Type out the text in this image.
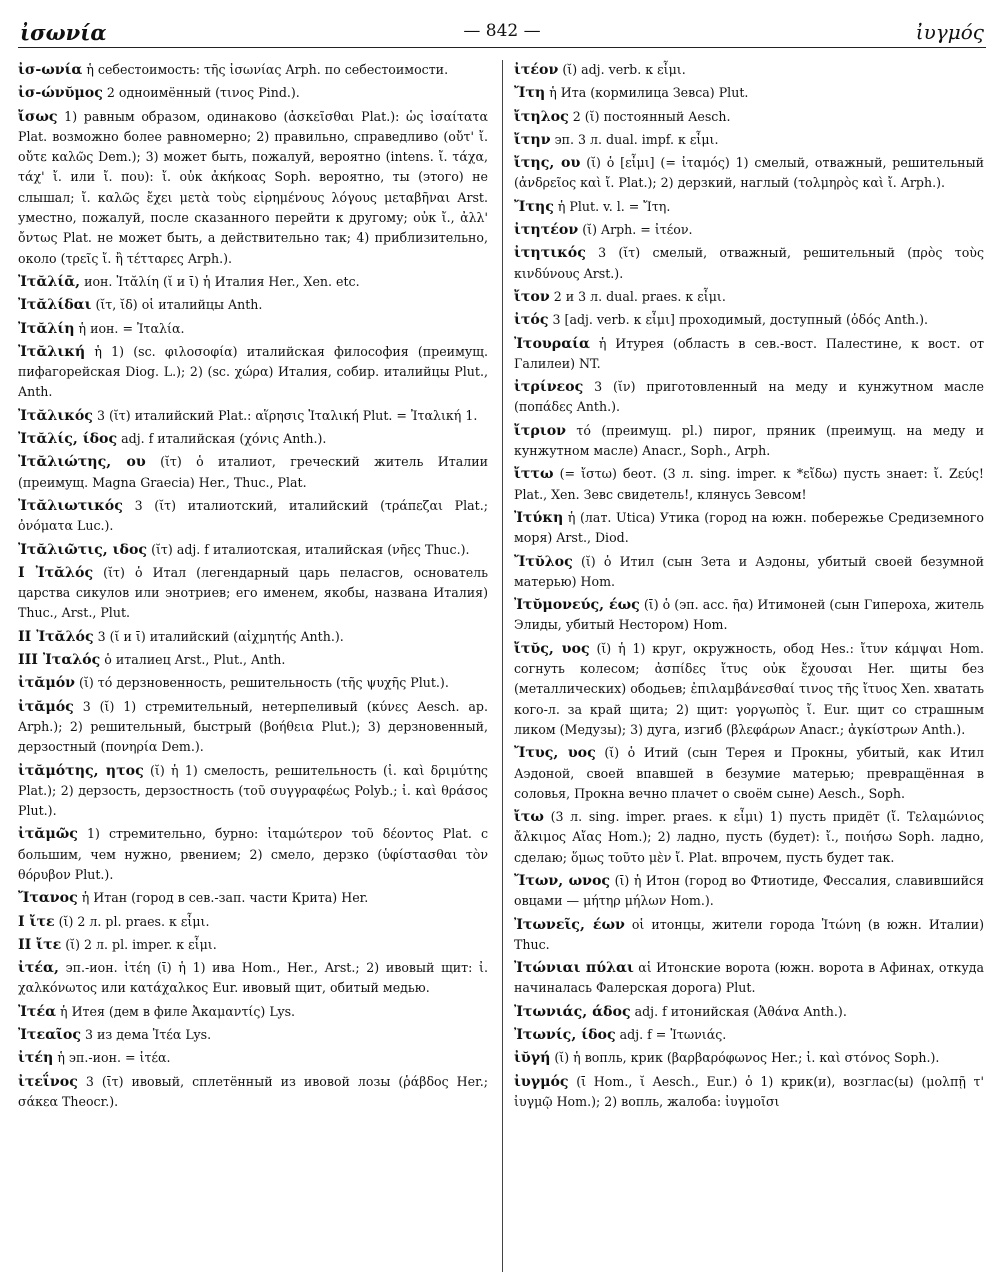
ἰσωνία	— 842 —	ἰυγμός

ἰσ-ωνία ἡ себестоимость: τῆς ἰσωνίας Arph. по себестоимости.

ἰσ-ώνῠμος 2 одноимённый (τινος Pind.).

ἴσως 1) равным образом, одинаково (ἀσκεῖσθαι Plat.): ὡς ἰσαίτατα Plat. возможно более равномерно; 2) правильно, справедливо (οὔτ' ἴ. οὔτε καλῶς Dem.); 3) может быть, пожалуй, вероятно (intens. ἴ. τάχα, τάχ' ἴ. или ἴ. που): ἴ. οὐκ ἀκήκοας Soph. вероятно, ты (этого) не слышал; ἴ. καλῶς ἔχει μετὰ τοὺς εἰρημένους λόγους μεταβῆναι Arst. уместно, пожалуй, после сказанного перейти к другому; οὐκ ἴ., ἀλλ' ὄντως Plat. не может быть, а действительно так; 4) приблизительно, около (τρεῖς ἴ. ἢ τέτταρες Arph.).

Ἰτᾰλίᾱ, ион. Ἰτᾰλίη (ῐ и ῑ) ἡ Италия Her., Xen. etc.

Ἰτᾰλίδαι (ῐτ, ῐδ) οἱ италийцы Anth.

Ἰτᾰλίη ἡ ион. = Ἰταλία.

Ἰτᾰλική ἡ 1) (sc. φιλοσοφία) италийская философия (преимущ. пифагорейская Diog. L.); 2) (sc. χώρα) Италия, собир. италийцы Plut., Anth.

Ἰτᾰλικός 3 (ῐτ) италийский Plat.: αἵρησις Ἰταλική Plut. = Ἰταλική 1.

Ἰτᾰλίς, ίδος adj. f италийская (χόνις Anth.).

Ἰτᾰλιώτης, ου (ῐτ) ὁ италиот, греческий житель Италии (преимущ. Magna Graecia) Her., Thuc., Plat.

Ἰτᾰλιωτικός 3 (ῐτ) италиотский, италийский (τράπεζαι Plat.; ὀνόματα Luc.).

Ἰτᾰλιῶτις, ιδος (ῐτ) adj. f италиотская, италийская (νῆες Thuc.).

I Ἰτᾰλός (ῐτ) ὁ Итал (легендарный царь пеласгов, основатель царства сикулов или энотриев; его именем, якобы, названа Италия) Thuc., Arst., Plut.

II Ἰτᾰλός 3 (ῐ и ῑ) италийский (αἰχμητής Anth.).

III Ἰταλός ὁ италиец Arst., Plut., Anth.

ἰτᾰμόν (ῐ) τό дерзновенность, решительность (τῆς ψυχῆς Plut.).

ἰτᾰμός 3 (ῐ) 1) стремительный, нетерпеливый (κύνες Aesch. ap. Arph.); 2) решительный, быстрый (βοήθεια Plut.); 3) дерзновенный, дерзостный (πονηρία Dem.).

ἰτᾰμότης, ητος (ῐ) ἡ 1) смелость, решительность (ἰ. καὶ δριμύτης Plat.); 2) дерзость, дерзостность (τοῦ συγγραφέως Polyb.; ἰ. καὶ θράσος Plut.).

ἰτᾰμῶς 1) стремительно, бурно: ἰταμώτερον τοῦ δέοντος Plat. с большим, чем нужно, рвением; 2) смело, дерзко (ὑφίστασθαι τὸν θόρυβον Plut.).

Ἴτανος ἡ Итан (город в сев.-зап. части Крита) Her.

I ἴτε (ῐ) 2 л. pl. praes. к εἶμι.

II ἴτε (ῐ) 2 л. pl. imper. к εἶμι.

ἰτέα, эп.-ион. ἰτέη (ῑ) ἡ 1) ива Hom., Her., Arst.; 2) ивовый щит: ἰ. χαλκόνωτος или κατάχαλκος Eur. ивовый щит, обитый медью.

Ἰτέα ἡ Итея (дем в филе Ἀκαμαντίς) Lys.

Ἰτεαῖος 3 из дема Ἰτέα Lys.

ἰτέη ἡ эп.-ион. = ἰτέα.

ἰτεΐνος 3 (ῑτ) ивовый, сплетённый из ивовой лозы (ῥάβδος Her.; σάκεα Theocr.).

ἰτέον (ῐ) adj. verb. к εἶμι.

Ἴτη ἡ Ита (кормилица Зевса) Plut.

ἴτηλος 2 (ῐ) постоянный Aesch.

ἴτην эп. 3 л. dual. impf. к εἶμι.

ἴτης, ου (ῐ) ὁ [εἶμι] (= ἰταμός) 1) смелый, отважный, решительный (ἀνδρεῖος καὶ ἴ. Plat.); 2) дерзкий, наглый (τολμηρὸς καὶ ἴ. Arph.).

Ἴτης ἡ Plut. v. l. = Ἴτη.

ἰτητέον (ῐ) Arph. = ἰτέον.

ἰτητικός 3 (ῐτ) смелый, отважный, решительный (πρὸς τοὺς κινδύνους Arst.).

ἴτον 2 и 3 л. dual. praes. к εἶμι.

ἰτός 3 [adj. verb. к εἶμι] проходимый, доступный (ὁδός Anth.).

Ἰτουραία ἡ Итурея (область в сев.-вост. Палестине, к вост. от Галилеи) NT.

ἰτρίνεος 3 (ῐν) приготовленный на меду и кунжутном масле (ποπάδες Anth.).

ἴτριον τό (преимущ. pl.) пирог, пряник (преимущ. на меду и кунжутном масле) Anacr., Soph., Arph.

ἴττω (= ἴστω) беот. (3 л. sing. imper. к *εἴδω) пусть знает: ἴ. Ζεύς! Plat., Xen. Зевс свидетель!, клянусь Зевсом!

Ἰτύκη ἡ (лат. Utica) Утика (город на южн. побережье Средиземного моря) Arst., Diod.

Ἴτῠλος (ῐ) ὁ Итил (сын Зета и Аэдоны, убитый своей безумной матерью) Hom.

Ἰτῠμονεύς, έως (ῑ) ὁ (эп. асс. ῆα) Итимоней (сын Гипероха, житель Элиды, убитый Нестором) Hom.

ἴτῠς, υος (ῐ) ἡ 1) круг, окружность, обод Hes.: ἴτυν κάμψαι Hom. согнуть колесом; ἀσπίδες ἴτυς οὐκ ἔχουσαι Her. щиты без (металлических) ободьев; ἐπιλαμβάνεσθαί τινος τῆς ἴτυος Xen. хватать кого-л. за край щита; 2) щит: γοργωπὸς ἴ. Eur. щит со страшным ликом (Медузы); 3) дуга, изгиб (βλεφάρων Anacr.; ἀγκίστρων Anth.).

Ἴτυς, υος (ῐ) ὁ Итий (сын Терея и Прокны, убитый, как Итил Аэдоной, своей впавшей в безумие матерью; превращённая в соловья, Прокна вечно плачет о своём сыне) Aesch., Soph.

ἴτω (3 л. sing. imper. praes. к εἶμι) 1) пусть придёт (ἴ. Τελαμώνιος ἄλκιμος Αἴας Hom.); 2) ладно, пусть (будет): ἴ., ποιήσω Soph. ладно, сделаю; ὅμως τοῦτο μὲν ἴ. Plat. впрочем, пусть будет так.

Ἴτων, ωνος (ῑ) ἡ Итон (город во Фтиотиде, Фессалия, славившийся овцами — μήτηρ μήλων Hom.).

Ἰτωνεῖς, έων οἱ итонцы, жители города Ἰτώνη (в южн. Италии) Thuc.

Ἰτώνιαι πύλαι αἱ Итонские ворота (южн. ворота в Афинах, откуда начиналась Фалерская дорога) Plut.

Ἰτωνιάς, άδος adj. f итонийская (Ἀθάνα Anth.).

Ἰτωνίς, ίδος adj. f = Ἰτωνιάς.

ἰῠγή (ῐ) ἡ вопль, крик (βαρβαρόφωνος Her.; ἰ. καὶ στόνος Soph.).

ἰυγμός (ῑ Hom., ῐ Aesch., Eur.) ὁ 1) крик(и), возглас(ы) (μολπῇ τ' ἰυγμῷ Hom.); 2) вопль, жалоба: ἰυγμοῖσι
